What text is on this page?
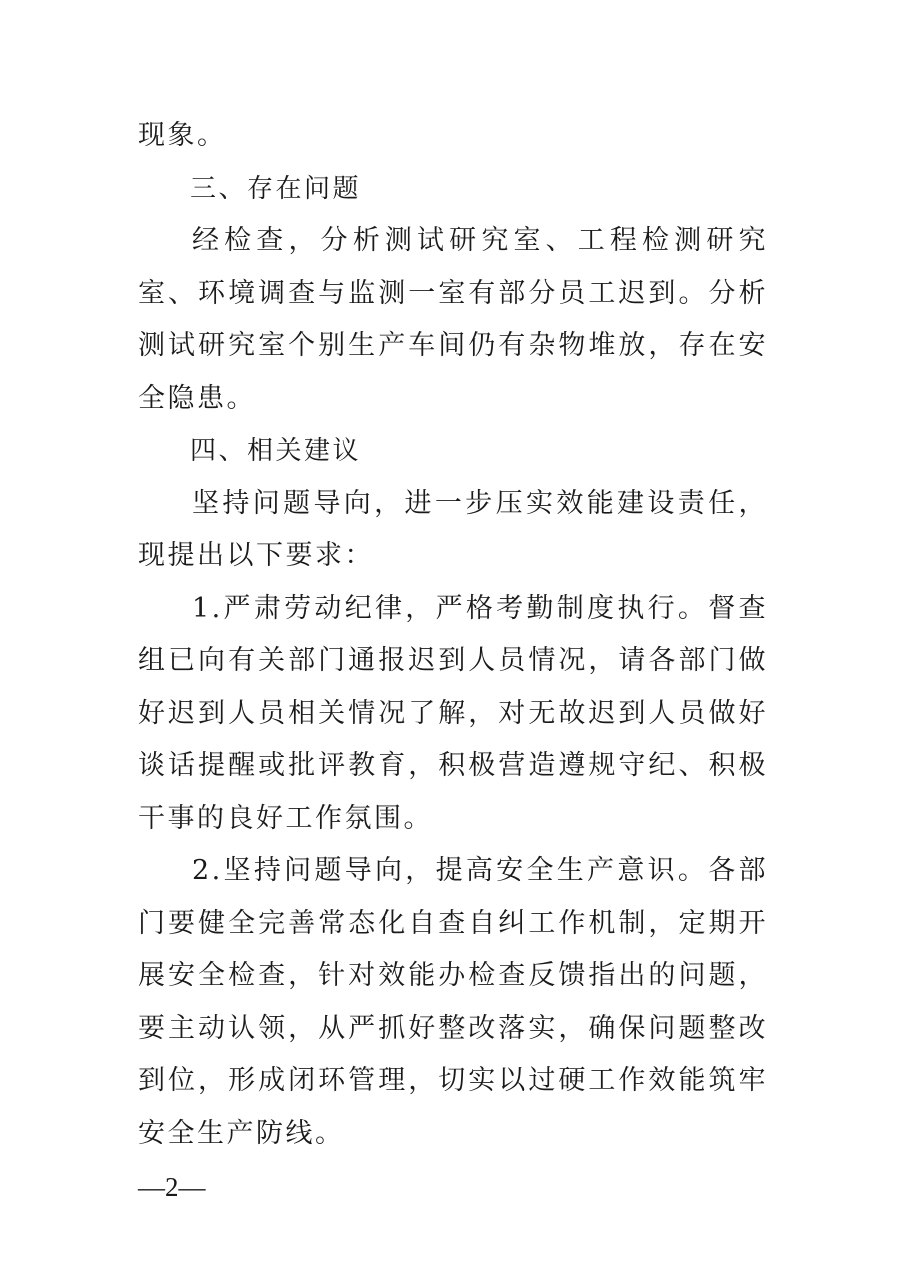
现象。

三、存在问题

经检查，分析测试研究室、工程检测研究室、环境调查与监测一室有部分员工迟到。分析测试研究室个别生产车间仍有杂物堆放，存在安全隐患。

四、相关建议

坚持问题导向，进一步压实效能建设责任，现提出以下要求：

1.严肃劳动纪律，严格考勤制度执行。督查组已向有关部门通报迟到人员情况，请各部门做好迟到人员相关情况了解，对无故迟到人员做好谈话提醒或批评教育，积极营造遵规守纪、积极干事的良好工作氛围。

2.坚持问题导向，提高安全生产意识。各部门要健全完善常态化自查自纠工作机制，定期开展安全检查，针对效能办检查反馈指出的问题，要主动认领，从严抓好整改落实，确保问题整改到位，形成闭环管理，切实以过硬工作效能筑牢安全生产防线。

—2—
